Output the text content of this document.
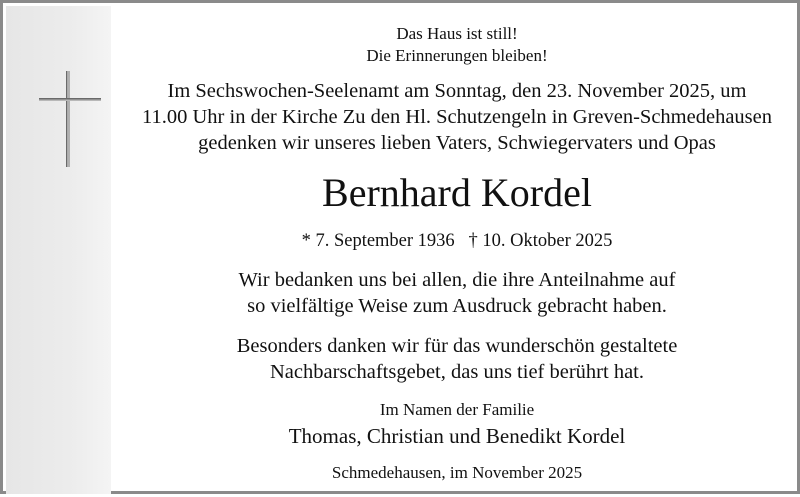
Das Haus ist still!
Die Erinnerungen bleiben!
Im Sechswochen-Seelenamt am Sonntag, den 23. November 2025, um
11.00 Uhr in der Kirche Zu den Hl. Schutzengeln in Greven-Schmedehausen
gedenken wir unseres lieben Vaters, Schwiegervaters und Opas
Bernhard Kordel
* 7. September 1936   † 10. Oktober 2025
Wir bedanken uns bei allen, die ihre Anteilnahme auf
so vielfältige Weise zum Ausdruck gebracht haben.
Besonders danken wir für das wunderschön gestaltete
Nachbarschaftsgebet, das uns tief berührt hat.
Im Namen der Familie
Thomas, Christian und Benedikt Kordel
Schmedehausen, im November 2025
